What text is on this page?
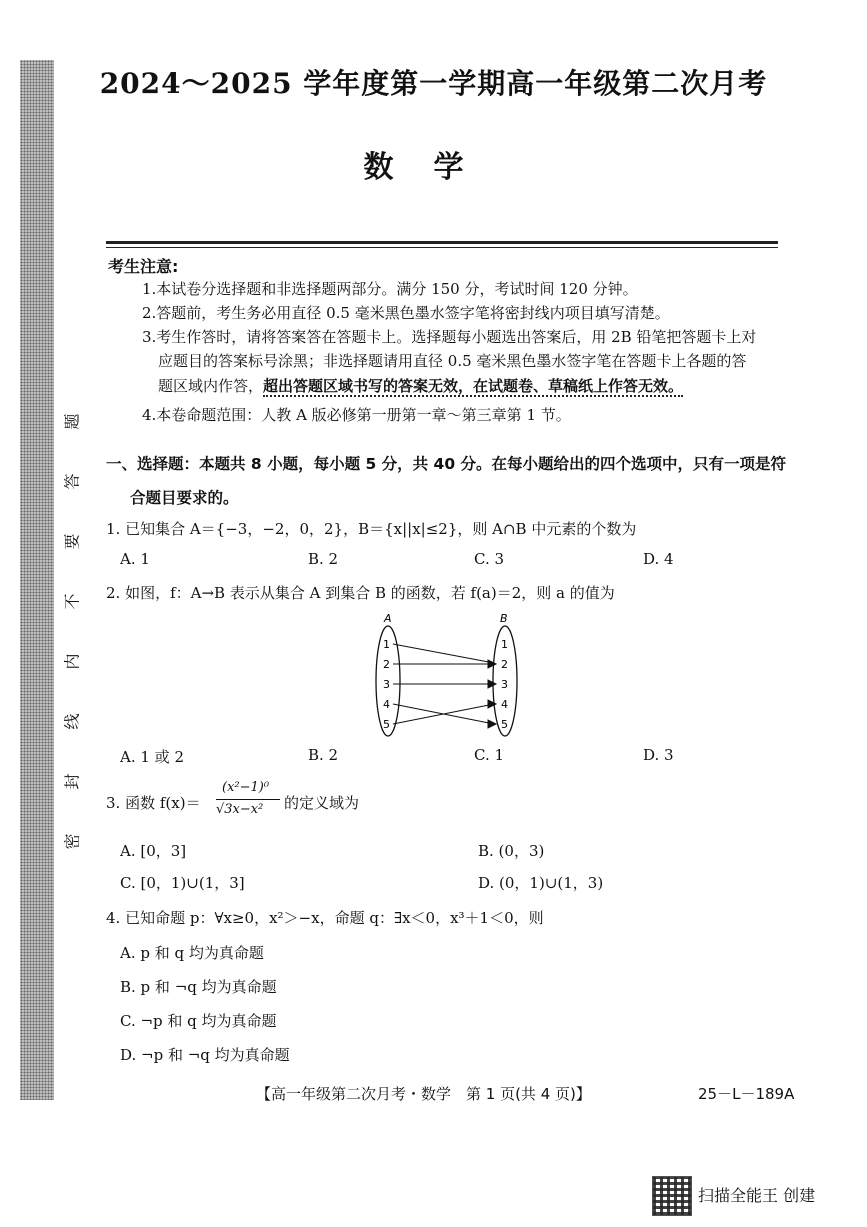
题
答
要
不
内
线
封
密
2024～2025 学年度第一学期高一年级第二次月考
数学
考生注意:
1.本试卷分选择题和非选择题两部分。满分 150 分，考试时间 120 分钟。
2.答题前，考生务必用直径 0.5 毫米黑色墨水签字笔将密封线内项目填写清楚。
3.考生作答时，请将答案答在答题卡上。选择题每小题选出答案后，用 2B 铅笔把答题卡上对
应题目的答案标号涂黑；非选择题请用直径 0.5 毫米黑色墨水签字笔在答题卡上各题的答
题区域内作答，超出答题区域书写的答案无效，在试题卷、草稿纸上作答无效。
4.本卷命题范围：人教 A 版必修第一册第一章～第三章第 1 节。
一、选择题：本题共 8 小题，每小题 5 分，共 40 分。在每小题给出的四个选项中，只有一项是符
合题目要求的。
1. 已知集合 A＝{−3，−2，0，2}，B＝{x||x|≤2}，则 A∩B 中元素的个数为
A. 1	B. 2	C. 3	D. 4
2. 如图，f：A→B 表示从集合 A 到集合 B 的函数，若 f(a)＝2，则 a 的值为
A	B
1
2
3
4
5
1
2
3
4
5
A. 1 或 2	B. 2	C. 1	D. 3
3. 函数 f(x)＝
(x²−1)⁰
√3x−x² 的定义域为
A. [0，3]	B. (0，3)
C. [0，1)∪(1，3]	D. (0，1)∪(1，3)
4. 已知命题 p：∀x≥0，x²＞−x，命题 q：∃x＜0，x³＋1＜0，则
A. p 和 q 均为真命题
B. p 和 ¬q 均为真命题
C. ¬p 和 q 均为真命题
D. ¬p 和 ¬q 均为真命题
【高一年级第二次月考・数学　第 1 页(共 4 页)】	25－L－189A
扫描全能王 创建
